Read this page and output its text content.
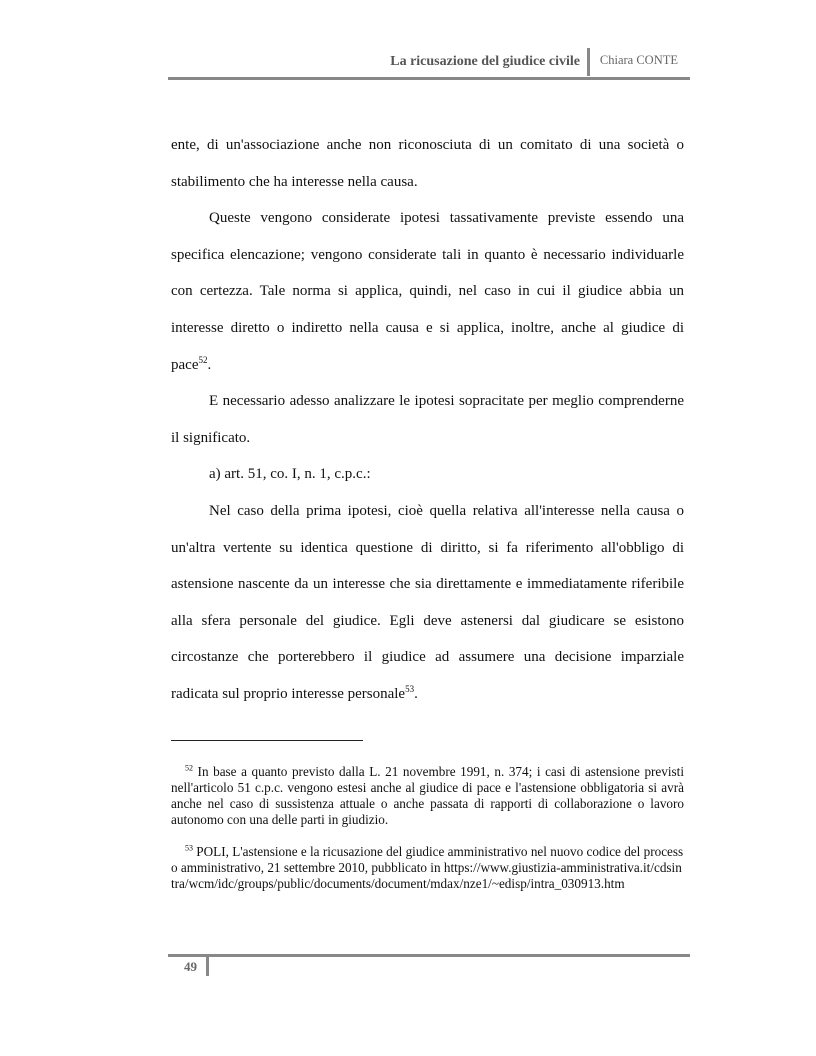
La ricusazione del giudice civile Chiara CONTE

ente, di un'associazione anche non riconosciuta di un comitato di una società o stabilimento che ha interesse nella causa.

Queste vengono considerate ipotesi tassativamente previste essendo una specifica elencazione; vengono considerate tali in quanto è necessario individuarle con certezza. Tale norma si applica, quindi, nel caso in cui il giudice abbia un interesse diretto o indiretto nella causa e si applica, inoltre, anche al giudice di pace$^{52}$.

E necessario adesso analizzare le ipotesi sopracitate per meglio comprenderne il significato.

a) art. 51, co. I, n. 1, c.p.c.:

Nel caso della prima ipotesi, cioè quella relativa all'interesse nella causa o un'altra vertente su identica questione di diritto, si fa riferimento all'obbligo di astensione nascente da un interesse che sia direttamente e immediatamente riferibile alla sfera personale del giudice. Egli deve astenersi dal giudicare se esistono circostanze che porterebbero il giudice ad assumere una decisione imparziale radicata sul proprio interesse personale$^{53}$.

$^{52}$ In base a quanto previsto dalla L. 21 novembre 1991, n. 374; i casi di astensione previsti nell'articolo 51 c.p.c. vengono estesi anche al giudice di pace e l'astensione obbligatoria si avrà anche nel caso di sussistenza attuale o anche passata di rapporti di collaborazione o lavoro autonomo con una delle parti in giudizio.

$^{53}$ POLI, L'astensione e la ricusazione del giudice amministrativo nel nuovo codice del processo amministrativo, 21 settembre 2010, pubblicato in https://www.giustizia-amministrativa.it/cdsintra/wcm/idc/groups/public/documents/document/mdax/nze1/~edisp/intra_030913.htm

49
